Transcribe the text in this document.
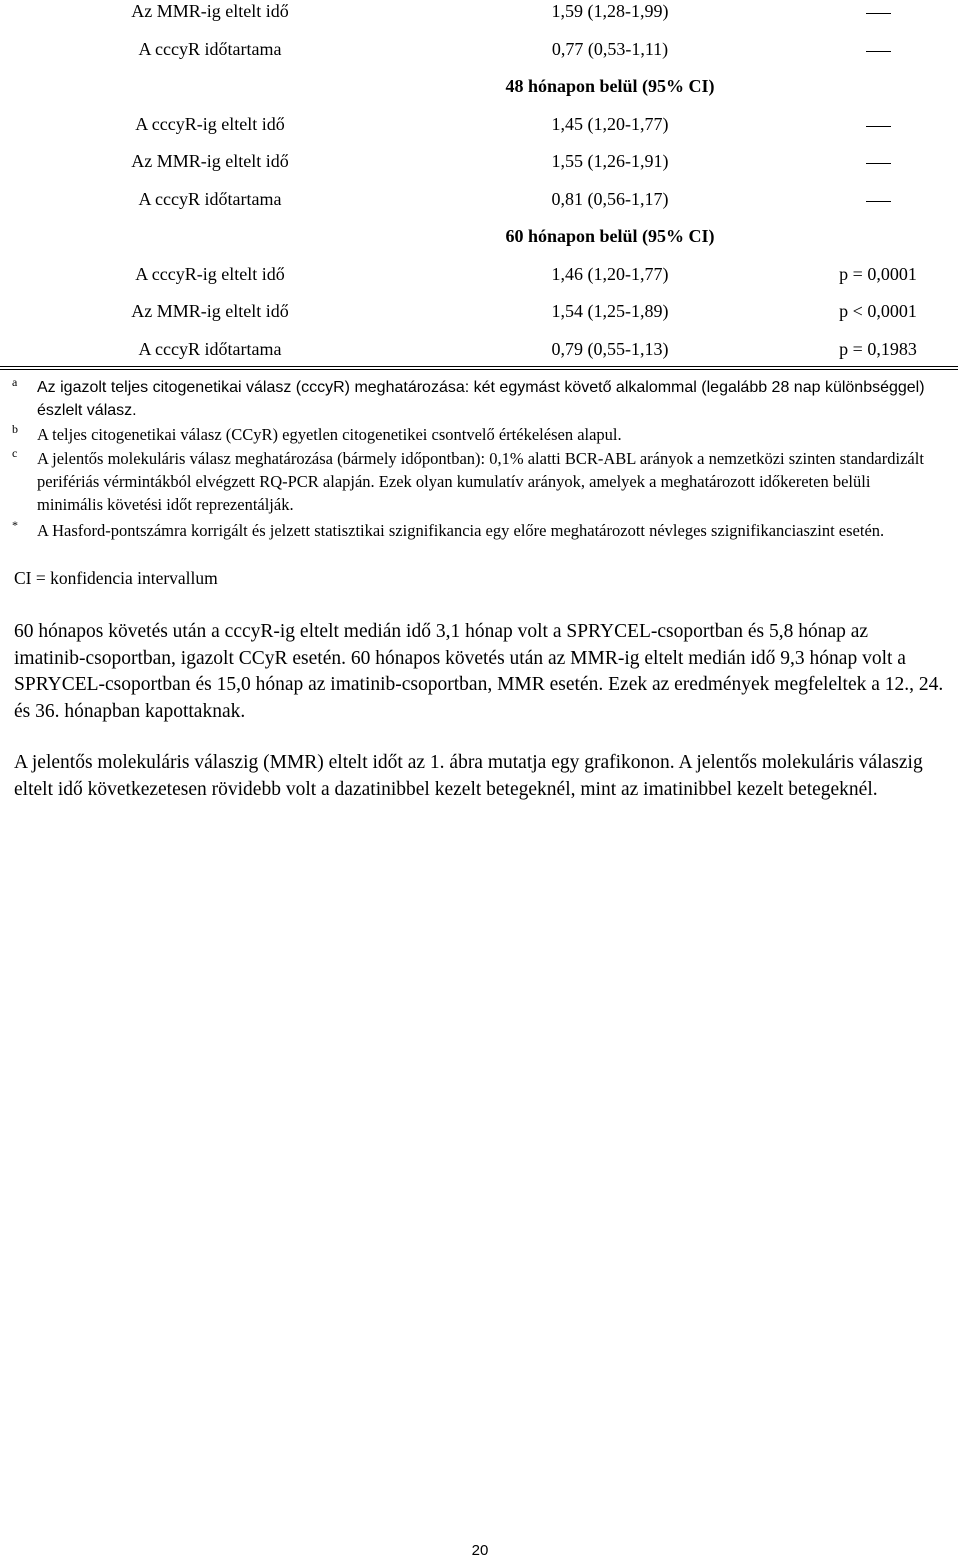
Az MMR-ig eltelt idő	1,59 (1,28-1,99)
A cccyR időtartama	0,77 (0,53-1,11)
48 hónapon belül (95% CI)
A cccyR-ig eltelt idő	1,45 (1,20-1,77)
Az MMR-ig eltelt idő	1,55 (1,26-1,91)
A cccyR időtartama	0,81 (0,56-1,17)
60 hónapon belül (95% CI)
A cccyR-ig eltelt idő	1,46 (1,20-1,77)	p = 0,0001
Az MMR-ig eltelt idő	1,54 (1,25-1,89)	p < 0,0001
A cccyR időtartama	0,79 (0,55-1,13)	p = 0,1983
a Az igazolt teljes citogenetikai válasz (cccyR) meghatározása: két egymást követő alkalommal (legalább 28 nap különbséggel) észlelt válasz.
b A teljes citogenetikai válasz (CCyR) egyetlen citogenetikei csontvelő értékelésen alapul.
c A jelentős molekuláris válasz meghatározása (bármely időpontban): 0,1% alatti BCR-ABL arányok a nemzetközi szinten standardizált perifériás vérmintákból elvégzett RQ-PCR alapján. Ezek olyan kumulatív arányok, amelyek a meghatározott időkereten belüli minimális követési időt reprezentálják.
* A Hasford-pontszámra korrigált és jelzett statisztikai szignifikancia egy előre meghatározott névleges szignifikanciaszint esetén.
CI = konfidencia intervallum
60 hónapos követés után a cccyR-ig eltelt medián idő 3,1 hónap volt a SPRYCEL-csoportban és 5,8 hónap az imatinib-csoportban, igazolt CCyR esetén. 60 hónapos követés után az MMR-ig eltelt medián idő 9,3 hónap volt a SPRYCEL-csoportban és 15,0 hónap az imatinib-csoportban, MMR esetén. Ezek az eredmények megfeleltek a 12., 24. és 36. hónapban kapottaknak.
A jelentős molekuláris válaszig (MMR) eltelt időt az 1. ábra mutatja egy grafikonon. A jelentős molekuláris válaszig eltelt idő következetesen rövidebb volt a dazatinibbel kezelt betegeknél, mint az imatinibbel kezelt betegeknél.
20
